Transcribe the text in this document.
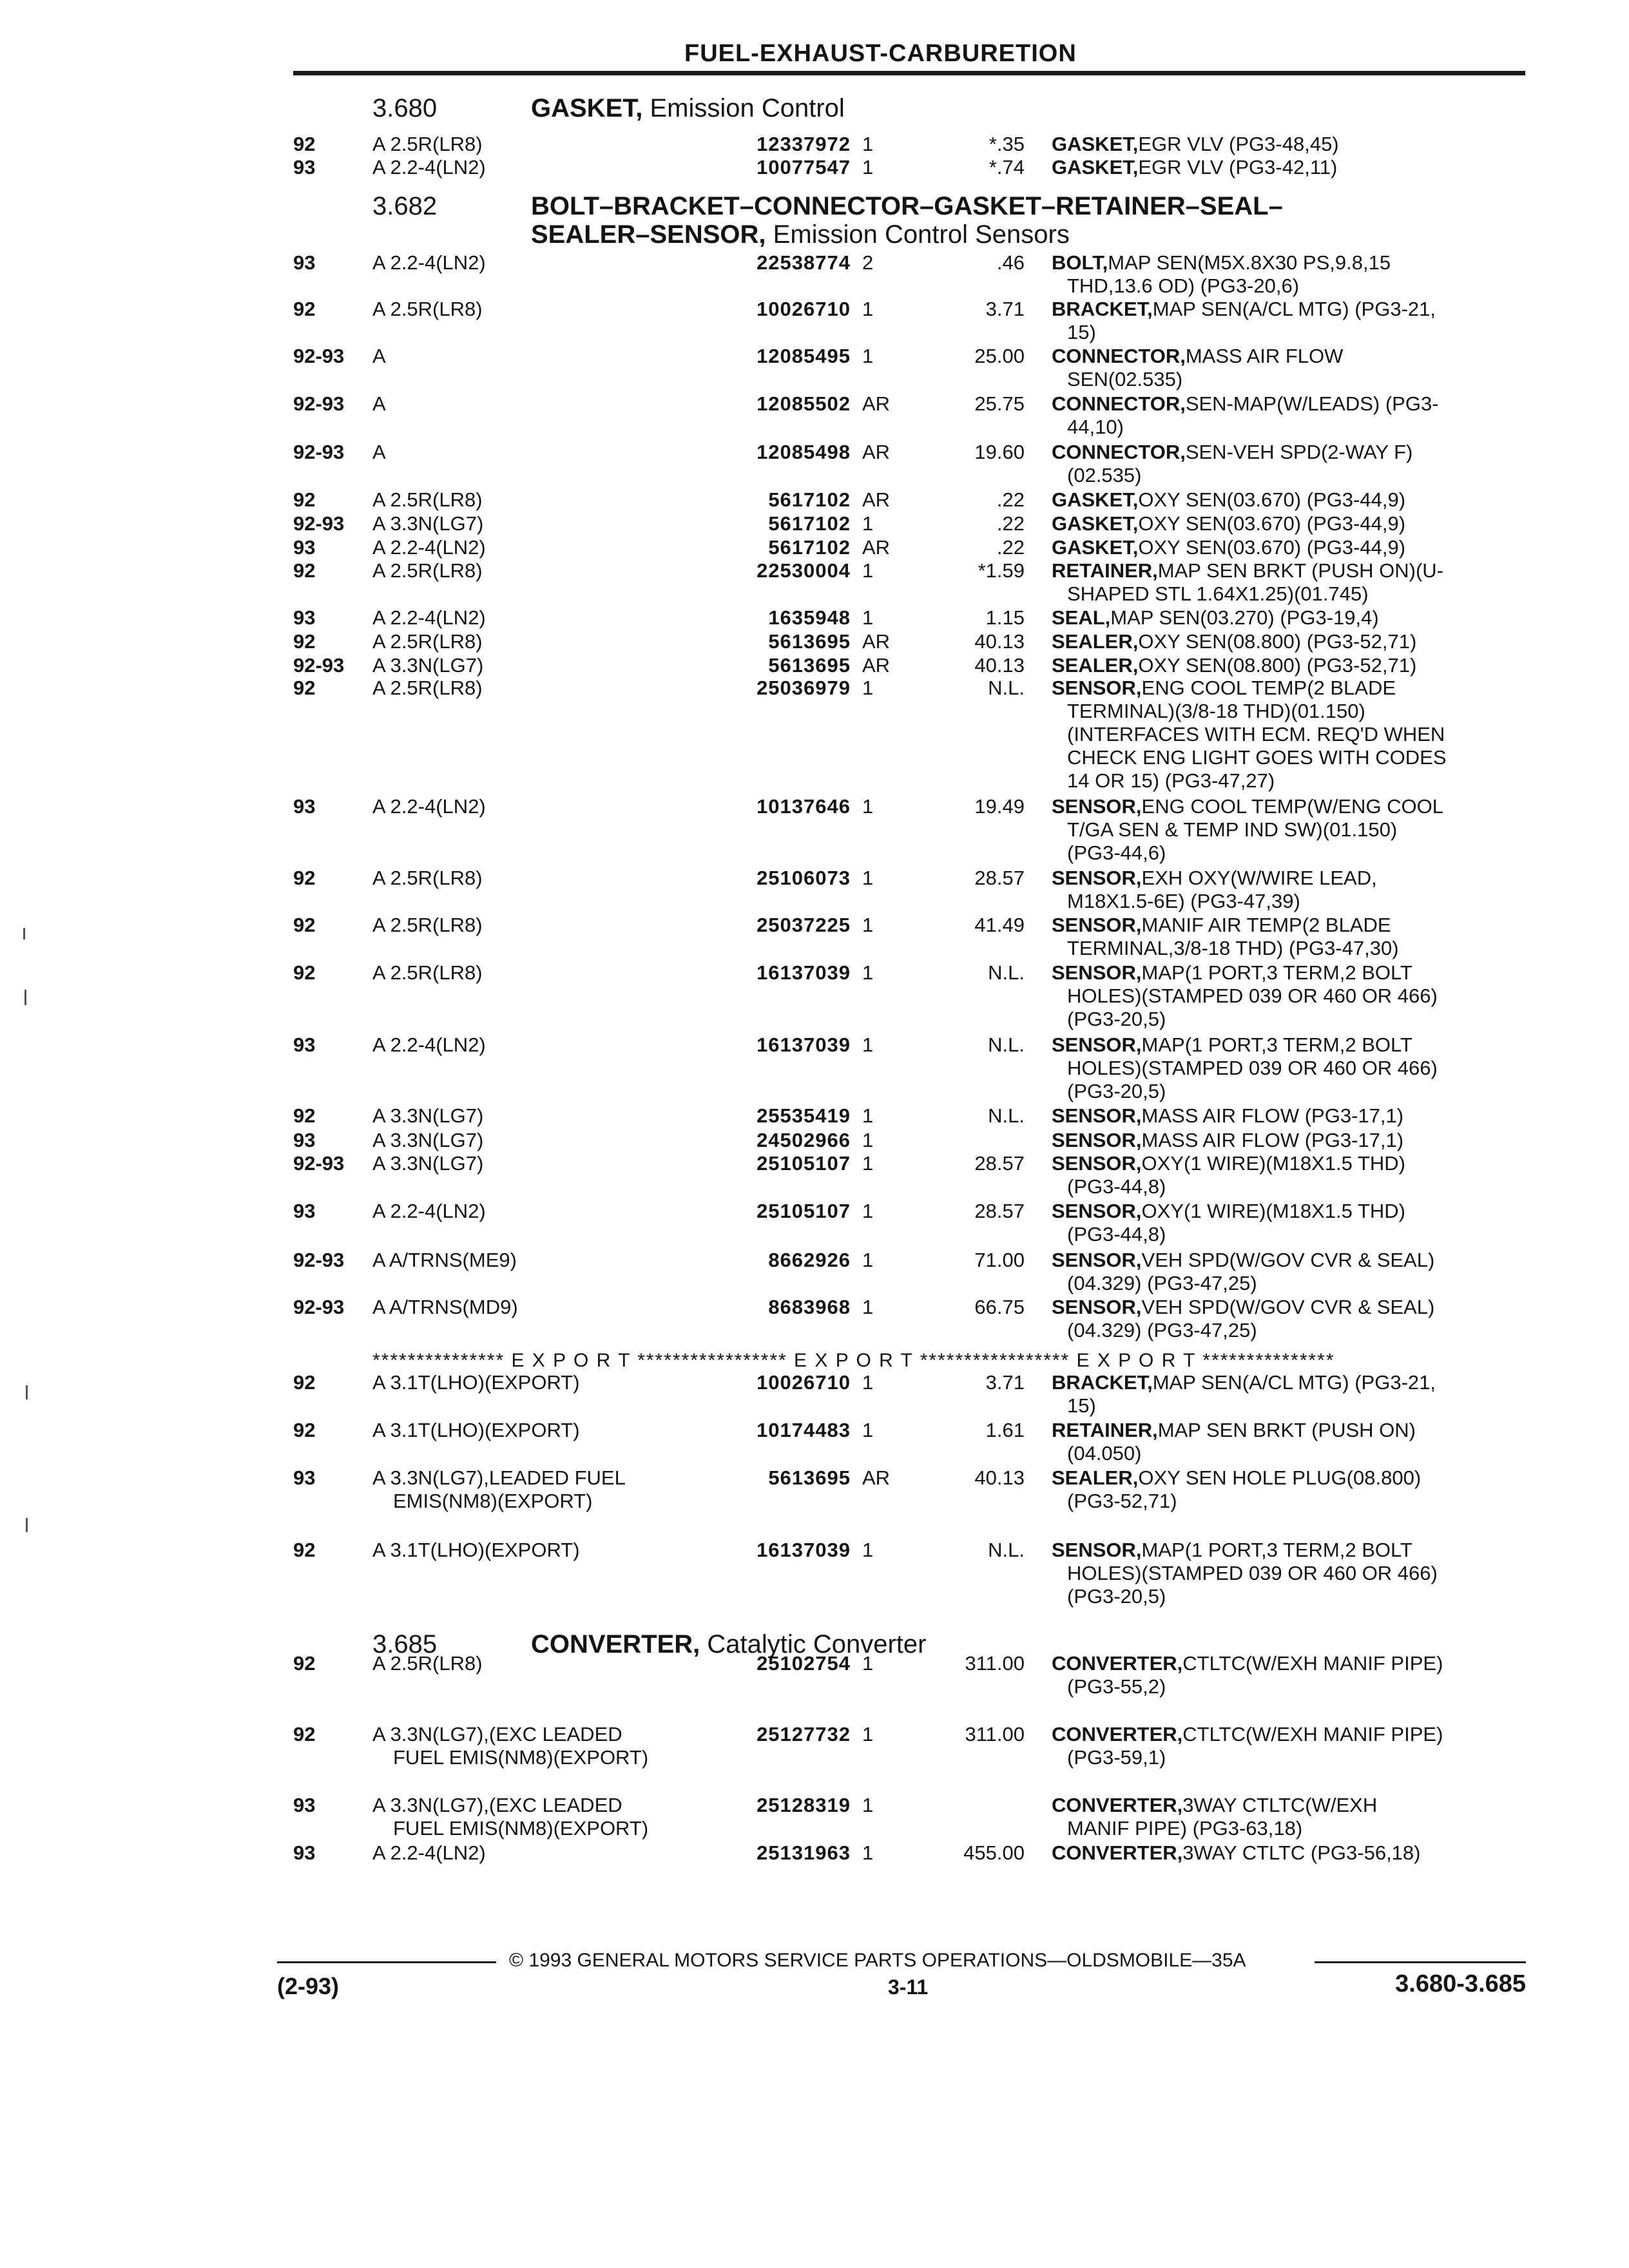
FUEL-EXHAUST-CARBURETION
3.680	GASKET, Emission Control
3.682	BOLT–BRACKET–CONNECTOR–GASKET–RETAINER–SEAL–
SEALER–SENSOR, Emission Control Sensors
3.685	CONVERTER, Catalytic Converter
92	A 2.5R(LR8)	12337972 1	*.35 GASKET, EGR VLV (PG3-48,45)
93	A 2.2-4(LN2)	10077547 1	*.74 GASKET, EGR VLV (PG3-42,11)
93	A 2.2-4(LN2)	22538774 2	.46 BOLT, MAP SEN(M5X.8X30 PS,9.8,15
THD,13.6 OD) (PG3-20,6)
92	A 2.5R(LR8)	10026710 1	3.71 BRACKET, MAP SEN(A/CL MTG) (PG3-21,
15)
92-93 A	12085495 1	25.00 CONNECTOR, MASS AIR FLOW
SEN(02.535)
92-93 A	12085502 AR	25.75 CONNECTOR, SEN-MAP(W/LEADS) (PG3-
44,10)
92-93 A	12085498 AR	19.60 CONNECTOR, SEN-VEH SPD(2-WAY F)
(02.535)
92	A 2.5R(LR8)	5617102 AR	.22 GASKET, OXY SEN(03.670) (PG3-44,9)
92-93 A 3.3N(LG7)	5617102 1	.22 GASKET, OXY SEN(03.670) (PG3-44,9)
93	A 2.2-4(LN2)	5617102 AR	.22 GASKET, OXY SEN(03.670) (PG3-44,9)
92	A 2.5R(LR8)	22530004 1	*1.59 RETAINER, MAP SEN BRKT (PUSH ON)(U-
SHAPED STL 1.64X1.25)(01.745)
93	A 2.2-4(LN2)	1635948 1	1.15 SEAL, MAP SEN(03.270) (PG3-19,4)
92	A 2.5R(LR8)	5613695 AR	40.13 SEALER, OXY SEN(08.800) (PG3-52,71)
92-93 A 3.3N(LG7)	5613695 AR	40.13 SEALER, OXY SEN(08.800) (PG3-52,71)
92	A 2.5R(LR8)	25036979 1	N.L. SENSOR, ENG COOL TEMP(2 BLADE
TERMINAL)(3/8-18 THD)(01.150)
(INTERFACES WITH ECM. REQ'D WHEN
CHECK ENG LIGHT GOES WITH CODES
14 OR 15) (PG3-47,27)
93	A 2.2-4(LN2)	10137646 1	19.49 SENSOR, ENG COOL TEMP(W/ENG COOL
T/GA SEN & TEMP IND SW)(01.150)
(PG3-44,6)
92	A 2.5R(LR8)	25106073 1	28.57 SENSOR, EXH OXY(W/WIRE LEAD,
M18X1.5-6E) (PG3-47,39)
92	A 2.5R(LR8)	25037225 1	41.49 SENSOR, MANIF AIR TEMP(2 BLADE
TERMINAL,3/8-18 THD) (PG3-47,30)
92	A 2.5R(LR8)	16137039 1	N.L. SENSOR, MAP(1 PORT,3 TERM,2 BOLT
HOLES)(STAMPED 039 OR 460 OR 466)
(PG3-20,5)
93	A 2.2-4(LN2)	16137039 1	N.L. SENSOR, MAP(1 PORT,3 TERM,2 BOLT
HOLES)(STAMPED 039 OR 460 OR 466)
(PG3-20,5)
92	A 3.3N(LG7)	25535419 1	N.L. SENSOR, MASS AIR FLOW (PG3-17,1)
93	A 3.3N(LG7)	24502966 1	SENSOR, MASS AIR FLOW (PG3-17,1)
92-93 A 3.3N(LG7)	25105107 1	28.57 SENSOR, OXY(1 WIRE)(M18X1.5 THD)
(PG3-44,8)
93	A 2.2-4(LN2)	25105107 1	28.57 SENSOR, OXY(1 WIRE)(M18X1.5 THD)
(PG3-44,8)
92-93 A A/TRNS(ME9)	8662926 1	71.00 SENSOR, VEH SPD(W/GOV CVR & SEAL)
(04.329) (PG3-47,25)
92-93 A A/TRNS(MD9)	8683968 1	66.75 SENSOR, VEH SPD(W/GOV CVR & SEAL)
(04.329) (PG3-47,25)
92	A 3.1T(LHO)(EXPORT)	10026710 1	3.71 BRACKET, MAP SEN(A/CL MTG) (PG3-21,
15)
92	A 3.1T(LHO)(EXPORT)	10174483 1	1.61 RETAINER, MAP SEN BRKT (PUSH ON)
(04.050)
93	A 3.3N(LG7),LEADED FUEL	5613695 AR	40.13 SEALER, OXY SEN HOLE PLUG(08.800)
EMIS(NM8)(EXPORT)	(PG3-52,71)
92	A 3.1T(LHO)(EXPORT)	16137039 1	N.L. SENSOR, MAP(1 PORT,3 TERM,2 BOLT
HOLES)(STAMPED 039 OR 460 OR 466)
(PG3-20,5)
92	A 2.5R(LR8)	25102754 1	311.00 CONVERTER, CTLTC(W/EXH MANIF PIPE)
(PG3-55,2)
92	A 3.3N(LG7),(EXC LEADED	25127732 1	311.00 CONVERTER, CTLTC(W/EXH MANIF PIPE)
FUEL EMIS(NM8)(EXPORT)	(PG3-59,1)
93	A 3.3N(LG7),(EXC LEADED	25128319 1	CONVERTER, 3WAY CTLTC(W/EXH
FUEL EMIS(NM8)(EXPORT)	MANIF PIPE) (PG3-63,18)
93	A 2.2-4(LN2)	25131963 1	455.00 CONVERTER, 3WAY CTLTC (PG3-56,18)
*************** E X P O R T ***************** E X P O R T ***************** E X P O R T ***************
© 1993 GENERAL MOTORS SERVICE PARTS OPERATIONS—OLDSMOBILE—35A
(2-93)	3-11	3.680-3.685
